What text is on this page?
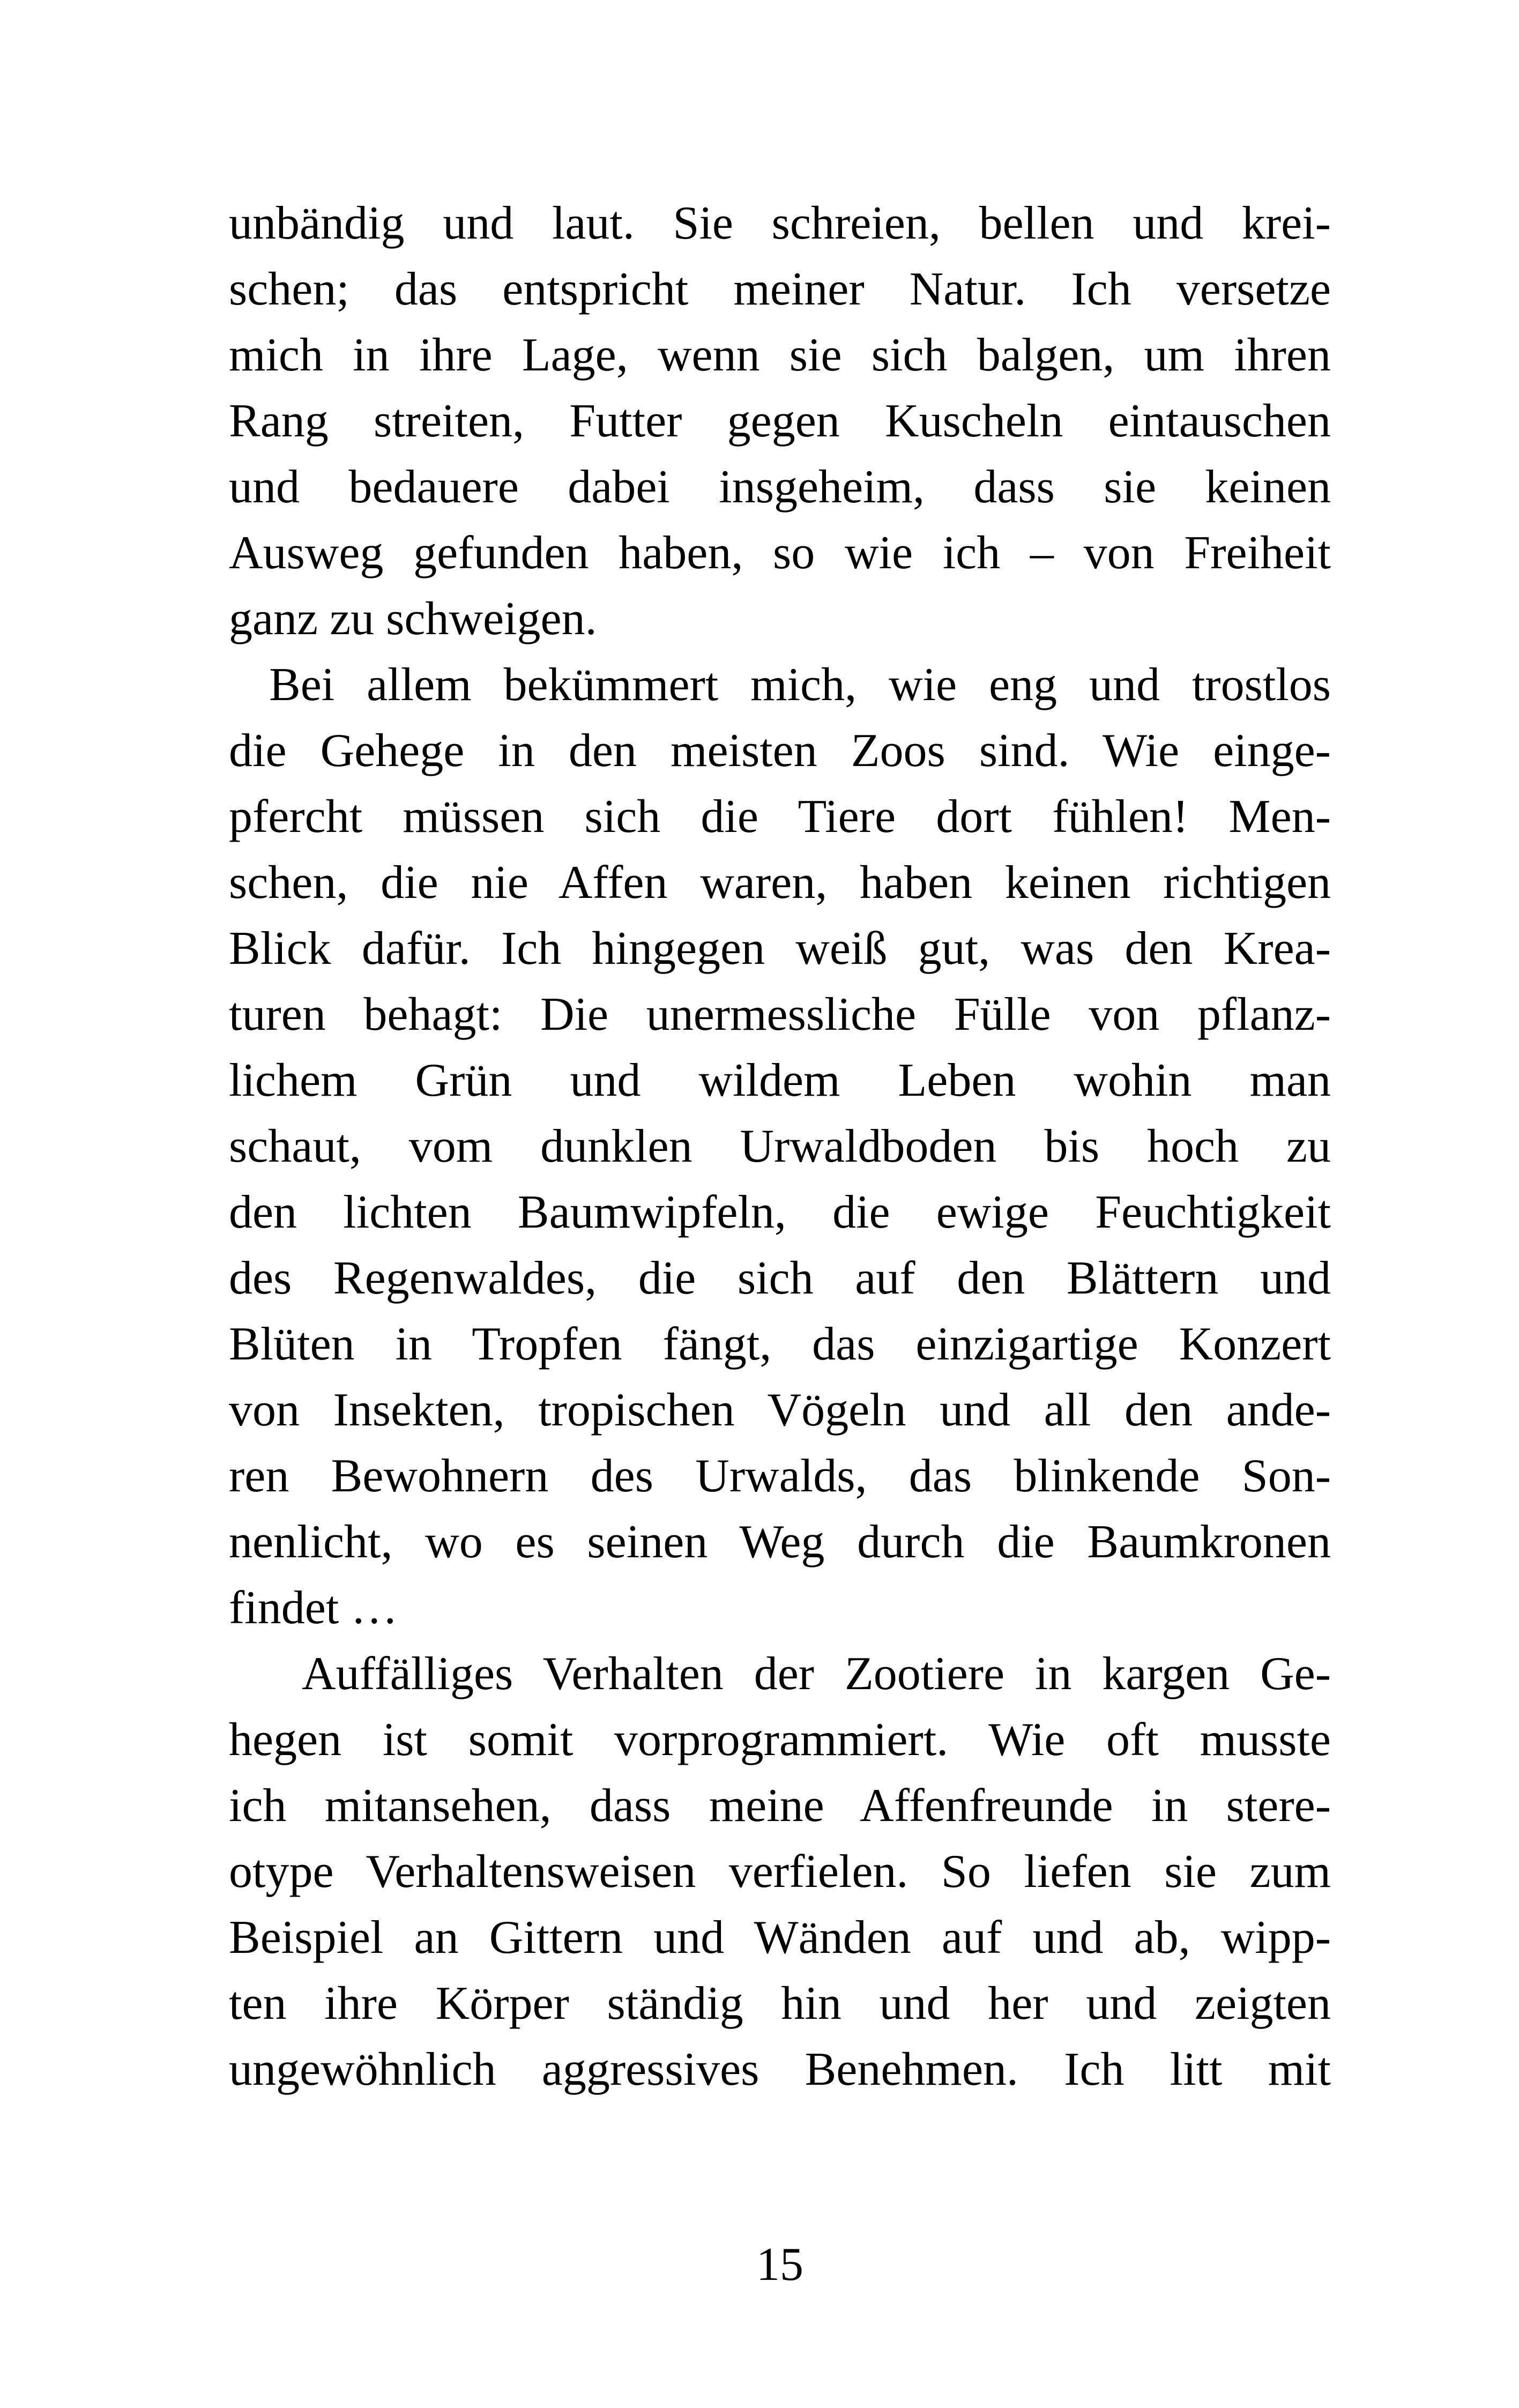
unbändig und laut. Sie schreien, bellen und krei-
schen; das entspricht meiner Natur. Ich versetze
mich in ihre Lage, wenn sie sich balgen, um ihren
Rang streiten, Futter gegen Kuscheln eintauschen
und bedauere dabei insgeheim, dass sie keinen
Ausweg gefunden haben, so wie ich – von Freiheit
ganz zu schweigen.
Bei allem bekümmert mich, wie eng und trostlos
die Gehege in den meisten Zoos sind. Wie einge-
pfercht müssen sich die Tiere dort fühlen! Men-
schen, die nie Affen waren, haben keinen richtigen
Blick dafür. Ich hingegen weiß gut, was den Krea-
turen behagt: Die unermessliche Fülle von pflanz-
lichem Grün und wildem Leben wohin man
schaut, vom dunklen Urwaldboden bis hoch zu
den lichten Baumwipfeln, die ewige Feuchtigkeit
des Regenwaldes, die sich auf den Blättern und
Blüten in Tropfen fängt, das einzigartige Konzert
von Insekten, tropischen Vögeln und all den ande-
ren Bewohnern des Urwalds, das blinkende Son-
nenlicht, wo es seinen Weg durch die Baumkronen
findet …
Auffälliges Verhalten der Zootiere in kargen Ge-
hegen ist somit vorprogrammiert. Wie oft musste
ich mitansehen, dass meine Affenfreunde in stere-
otype Verhaltensweisen verfielen. So liefen sie zum
Beispiel an Gittern und Wänden auf und ab, wipp-
ten ihre Körper ständig hin und her und zeigten
ungewöhnlich aggressives Benehmen. Ich litt mit
15
